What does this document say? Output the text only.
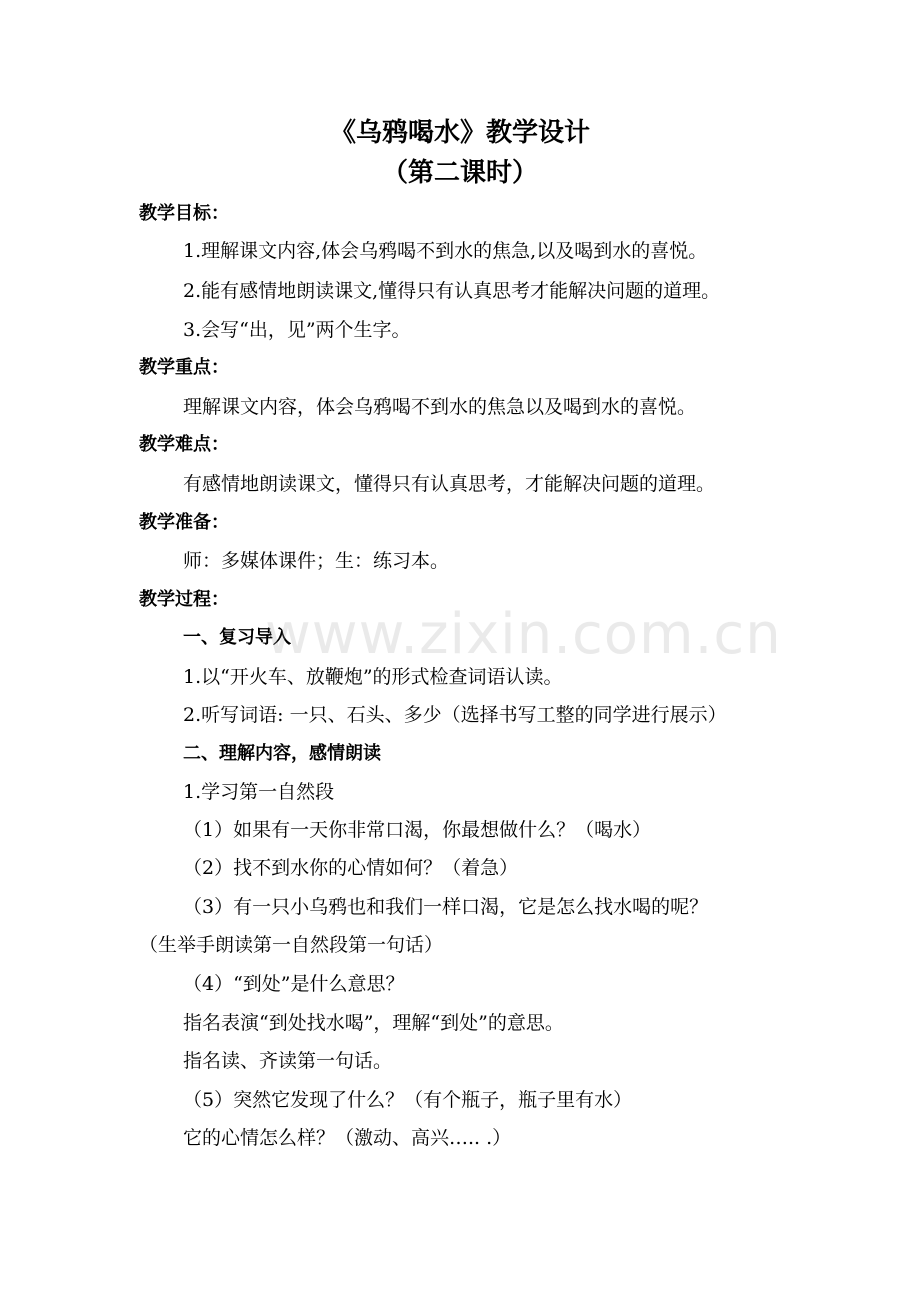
《乌鸦喝水》教学设计
（第二课时）
教学目标：
1.理解课文内容,体会乌鸦喝不到水的焦急,以及喝到水的喜悦。
2.能有感情地朗读课文,懂得只有认真思考才能解决问题的道理。
3.会写“出，见”两个生字。
教学重点：
理解课文内容，体会乌鸦喝不到水的焦急以及喝到水的喜悦。
教学难点：
有感情地朗读课文，懂得只有认真思考，才能解决问题的道理。
教学准备：
师：多媒体课件；生：练习本。
教学过程：
一、复习导入
1.以“开火车、放鞭炮”的形式检查词语认读。
2.听写词语: 一只、石头、多少（选择书写工整的同学进行展示）
二、理解内容，感情朗读
1.学习第一自然段
（1）如果有一天你非常口渴，你最想做什么？（喝水）
（2）找不到水你的心情如何？（着急）
（3）有一只小乌鸦也和我们一样口渴，它是怎么找水喝的呢？
（生举手朗读第一自然段第一句话）
（4）“到处”是什么意思？
指名表演“到处找水喝”，理解“到处”的意思。
指名读、齐读第一句话。
（5）突然它发现了什么？（有个瓶子，瓶子里有水）
它的心情怎么样？（激动、高兴….. .）
www.zixin.com.cn
